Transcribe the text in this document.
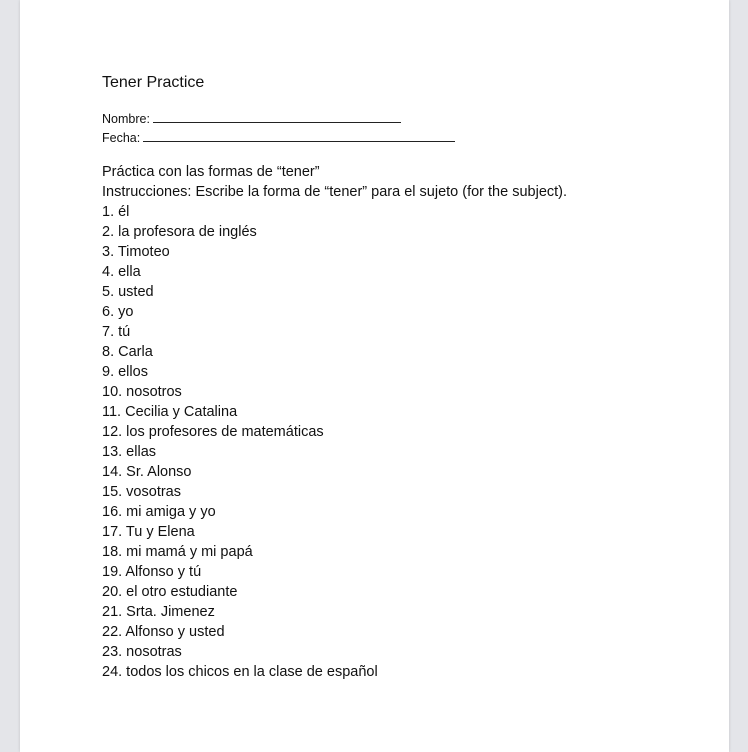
Tener Practice
Nombre:
Fecha:
Práctica con las formas de “tener”
Instrucciones: Escribe la forma de “tener” para el sujeto (for the subject).
1. él
2. la profesora de inglés
3. Timoteo
4. ella
5. usted
6. yo
7. tú
8. Carla
9. ellos
10. nosotros
11. Cecilia y Catalina
12. los profesores de matemáticas
13. ellas
14. Sr. Alonso
15. vosotras
16. mi amiga y yo
17. Tu y Elena
18. mi mamá y mi papá
19. Alfonso y tú
20. el otro estudiante
21. Srta. Jimenez
22. Alfonso y usted
23. nosotras
24. todos los chicos en la clase de español
